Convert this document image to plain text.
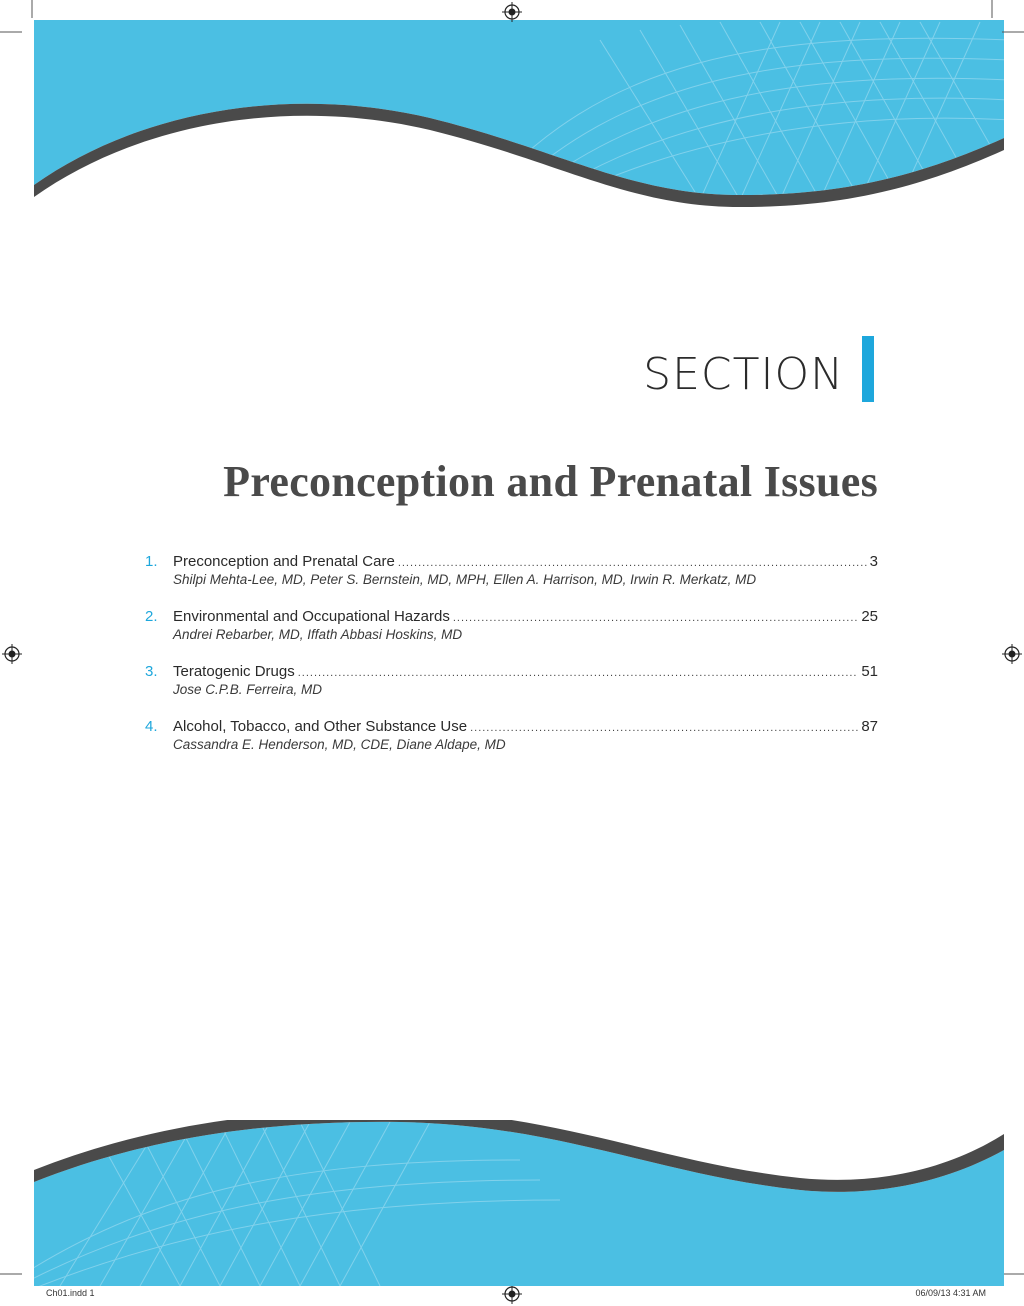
SECTION
Preconception and Prenatal Issues
1.	Preconception and Prenatal Care .....	3
Shilpi Mehta-Lee, MD, Peter S. Bernstein, MD, MPH, Ellen A. Harrison, MD, Irwin R. Merkatz, MD
2.	Environmental and Occupational Hazards .....	25
Andrei Rebarber, MD, Iffath Abbasi Hoskins, MD
3.	Teratogenic Drugs .....	51
Jose C.P.B. Ferreira, MD
4.	Alcohol, Tobacco, and Other Substance Use .....	87
Cassandra E. Henderson, MD, CDE, Diane Aldape, MD
Ch01.indd 1	06/09/13 4:31 AM
